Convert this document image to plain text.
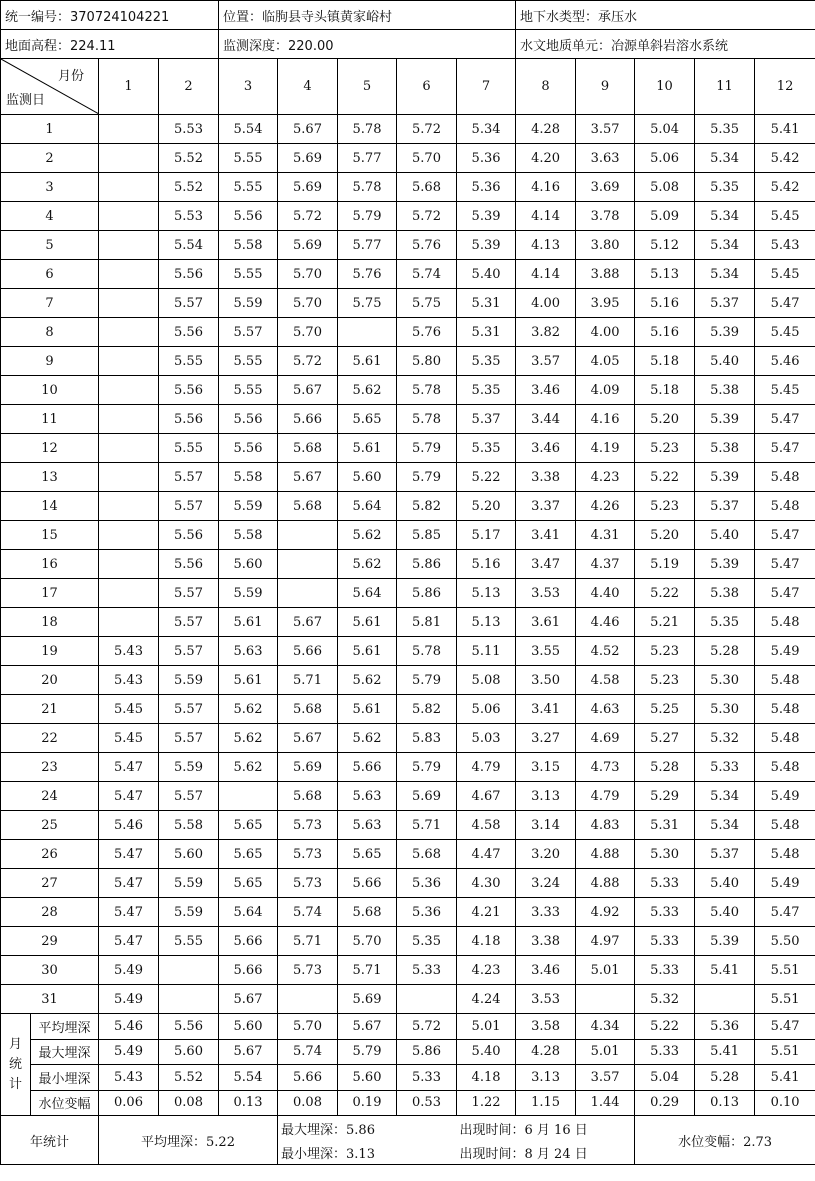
统一编号：370724104221				位置：临朐县寺头镇黄家峪村					地下水类型：承压水				
地面高程：224.11				监测深度：220.00					水文地质单元：冶源单斜岩溶水系统				

月份
监测日		1	2	3	4	5	6	7	8	9	10	11	12
1			5.53	5.54	5.67	5.78	5.72	5.34	4.28	3.57	5.04	5.35	5.41
2			5.52	5.55	5.69	5.77	5.70	5.36	4.20	3.63	5.06	5.34	5.42
3			5.52	5.55	5.69	5.78	5.68	5.36	4.16	3.69	5.08	5.35	5.42
4			5.53	5.56	5.72	5.79	5.72	5.39	4.14	3.78	5.09	5.34	5.45
5			5.54	5.58	5.69	5.77	5.76	5.39	4.13	3.80	5.12	5.34	5.43
6			5.56	5.55	5.70	5.76	5.74	5.40	4.14	3.88	5.13	5.34	5.45
7			5.57	5.59	5.70	5.75	5.75	5.31	4.00	3.95	5.16	5.37	5.47
8			5.56	5.57	5.70		5.76	5.31	3.82	4.00	5.16	5.39	5.45
9			5.55	5.55	5.72	5.61	5.80	5.35	3.57	4.05	5.18	5.40	5.46
10			5.56	5.55	5.67	5.62	5.78	5.35	3.46	4.09	5.18	5.38	5.45
11			5.56	5.56	5.66	5.65	5.78	5.37	3.44	4.16	5.20	5.39	5.47
12			5.55	5.56	5.68	5.61	5.79	5.35	3.46	4.19	5.23	5.38	5.47
13			5.57	5.58	5.67	5.60	5.79	5.22	3.38	4.23	5.22	5.39	5.48
14			5.57	5.59	5.68	5.64	5.82	5.20	3.37	4.26	5.23	5.37	5.48
15			5.56	5.58		5.62	5.85	5.17	3.41	4.31	5.20	5.40	5.47
16			5.56	5.60		5.62	5.86	5.16	3.47	4.37	5.19	5.39	5.47
17			5.57	5.59		5.64	5.86	5.13	3.53	4.40	5.22	5.38	5.47
18			5.57	5.61	5.67	5.61	5.81	5.13	3.61	4.46	5.21	5.35	5.48
19		5.43	5.57	5.63	5.66	5.61	5.78	5.11	3.55	4.52	5.23	5.28	5.49
20		5.43	5.59	5.61	5.71	5.62	5.79	5.08	3.50	4.58	5.23	5.30	5.48
21		5.45	5.57	5.62	5.68	5.61	5.82	5.06	3.41	4.63	5.25	5.30	5.48
22		5.45	5.57	5.62	5.67	5.62	5.83	5.03	3.27	4.69	5.27	5.32	5.48
23		5.47	5.59	5.62	5.69	5.66	5.79	4.79	3.15	4.73	5.28	5.33	5.48
24		5.47	5.57		5.68	5.63	5.69	4.67	3.13	4.79	5.29	5.34	5.49
25		5.46	5.58	5.65	5.73	5.63	5.71	4.58	3.14	4.83	5.31	5.34	5.48
26		5.47	5.60	5.65	5.73	5.65	5.68	4.47	3.20	4.88	5.30	5.37	5.48
27		5.47	5.59	5.65	5.73	5.66	5.36	4.30	3.24	4.88	5.33	5.40	5.49
28		5.47	5.59	5.64	5.74	5.68	5.36	4.21	3.33	4.92	5.33	5.40	5.47
29		5.47	5.55	5.66	5.71	5.70	5.35	4.18	3.38	4.97	5.33	5.39	5.50
30		5.49		5.66	5.73	5.71	5.33	4.23	3.46	5.01	5.33	5.41	5.51
31		5.49		5.67		5.69		4.24	3.53		5.32		5.51

月
统
计	平均埋深	5.46	5.56	5.60	5.70	5.67	5.72	5.01	3.58	4.34	5.22	5.36	5.47
	最大埋深	5.49	5.60	5.67	5.74	5.79	5.86	5.40	4.28	5.01	5.33	5.41	5.51
	最小埋深	5.43	5.52	5.54	5.66	5.60	5.33	4.18	3.13	3.57	5.04	5.28	5.41
	水位变幅	0.06	0.08	0.13	0.08	0.19	0.53	1.22	1.15	1.44	0.29	0.13	0.10
年统计		平均埋深：5.22			最大埋深：5.86			出现时间：6 月 16 日			水位变幅：2.73		
					最小埋深：3.13			出现时间：8 月 24 日					
